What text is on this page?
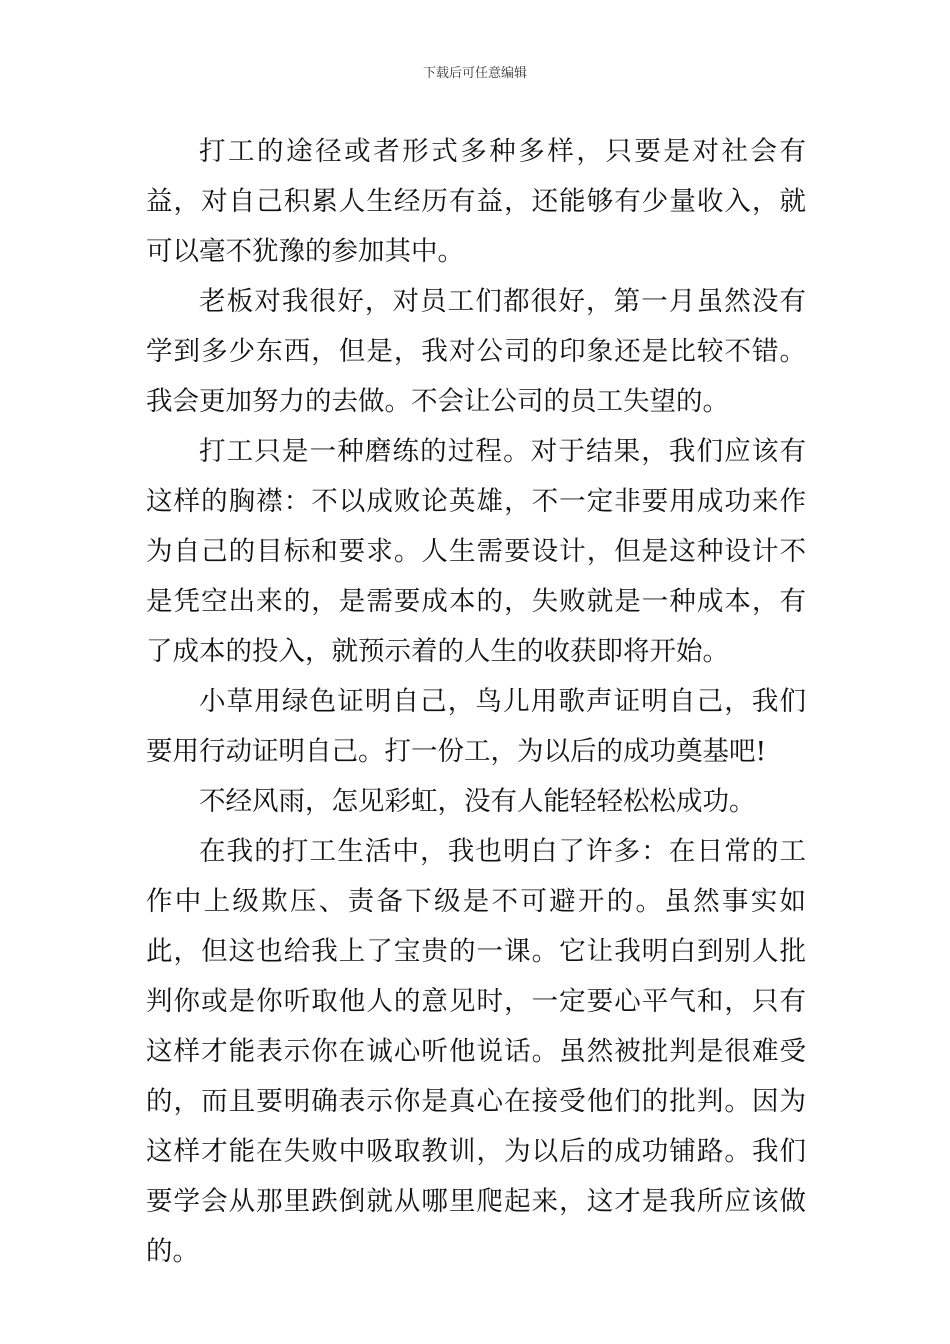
下载后可任意编辑

打工的途径或者形式多种多样，只要是对社会有益，对自己积累人生经历有益，还能够有少量收入，就可以毫不犹豫的参加其中。

老板对我很好，对员工们都很好，第一月虽然没有学到多少东西，但是，我对公司的印象还是比较不错。我会更加努力的去做。不会让公司的员工失望的。

打工只是一种磨练的过程。对于结果，我们应该有这样的胸襟：不以成败论英雄，不一定非要用成功来作为自己的目标和要求。人生需要设计，但是这种设计不是凭空出来的，是需要成本的，失败就是一种成本，有了成本的投入，就预示着的人生的收获即将开始。

小草用绿色证明自己，鸟儿用歌声证明自己，我们要用行动证明自己。打一份工，为以后的成功奠基吧!

不经风雨，怎见彩虹，没有人能轻轻松松成功。

在我的打工生活中，我也明白了许多：在日常的工作中上级欺压、责备下级是不可避开的。虽然事实如此，但这也给我上了宝贵的一课。它让我明白到别人批判你或是你听取他人的意见时，一定要心平气和，只有这样才能表示你在诚心听他说话。虽然被批判是很难受的，而且要明确表示你是真心在接受他们的批判。因为这样才能在失败中吸取教训，为以后的成功铺路。我们要学会从那里跌倒就从哪里爬起来，这才是我所应该做的。
